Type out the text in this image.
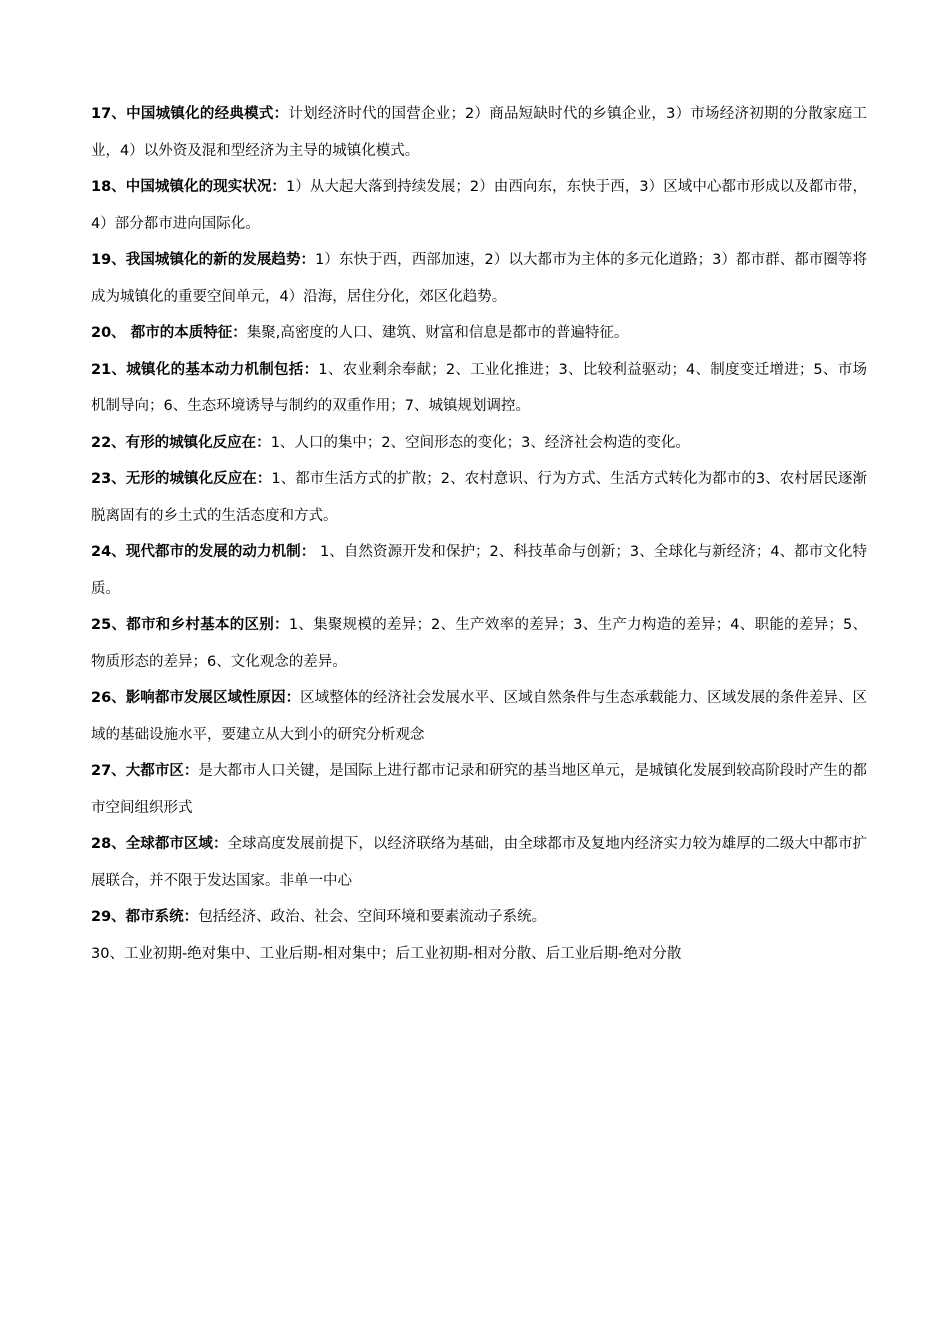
17、中国城镇化的经典模式：计划经济时代的国营企业；2）商品短缺时代的乡镇企业，3）市场经济初期的分散家庭工业，4）以外资及混和型经济为主导的城镇化模式。

18、中国城镇化的现实状况：1）从大起大落到持续发展；2）由西向东，东快于西，3）区域中心都市形成以及都市带，4）部分都市进向国际化。

19、我国城镇化的新的发展趋势：1）东快于西，西部加速，2）以大都市为主体的多元化道路；3）都市群、都市圈等将成为城镇化的重要空间单元，4）沿海，居住分化，郊区化趋势。

20、 都市的本质特征：集聚,高密度的人口、建筑、财富和信息是都市的普遍特征。

21、城镇化的基本动力机制包括：1、农业剩余奉献；2、工业化推进；3、比较利益驱动；4、制度变迁增进；5、市场机制导向；6、生态环境诱导与制约的双重作用；7、城镇规划调控。

22、有形的城镇化反应在：1、人口的集中；2、空间形态的变化；3、经济社会构造的变化。

23、无形的城镇化反应在：1、都市生活方式的扩散；2、农村意识、行为方式、生活方式转化为都市的3、农村居民逐渐脱离固有的乡土式的生活态度和方式。

24、现代都市的发展的动力机制： 1、自然资源开发和保护；2、科技革命与创新；3、全球化与新经济；4、都市文化特质。

25、都市和乡村基本的区别：1、集聚规模的差异；2、生产效率的差异；3、生产力构造的差异；4、职能的差异；5、物质形态的差异；6、文化观念的差异。

26、影响都市发展区域性原因：区域整体的经济社会发展水平、区域自然条件与生态承载能力、区域发展的条件差异、区域的基础设施水平，要建立从大到小的研究分析观念

27、大都市区：是大都市人口关键，是国际上进行都市记录和研究的基当地区单元，是城镇化发展到较高阶段时产生的都市空间组织形式

28、全球都市区域：全球高度发展前提下，以经济联络为基础，由全球都市及复地内经济实力较为雄厚的二级大中都市扩展联合，并不限于发达国家。非单一中心

29、都市系统：包括经济、政治、社会、空间环境和要素流动子系统。

30、工业初期-绝对集中、工业后期-相对集中；后工业初期-相对分散、后工业后期-绝对分散
